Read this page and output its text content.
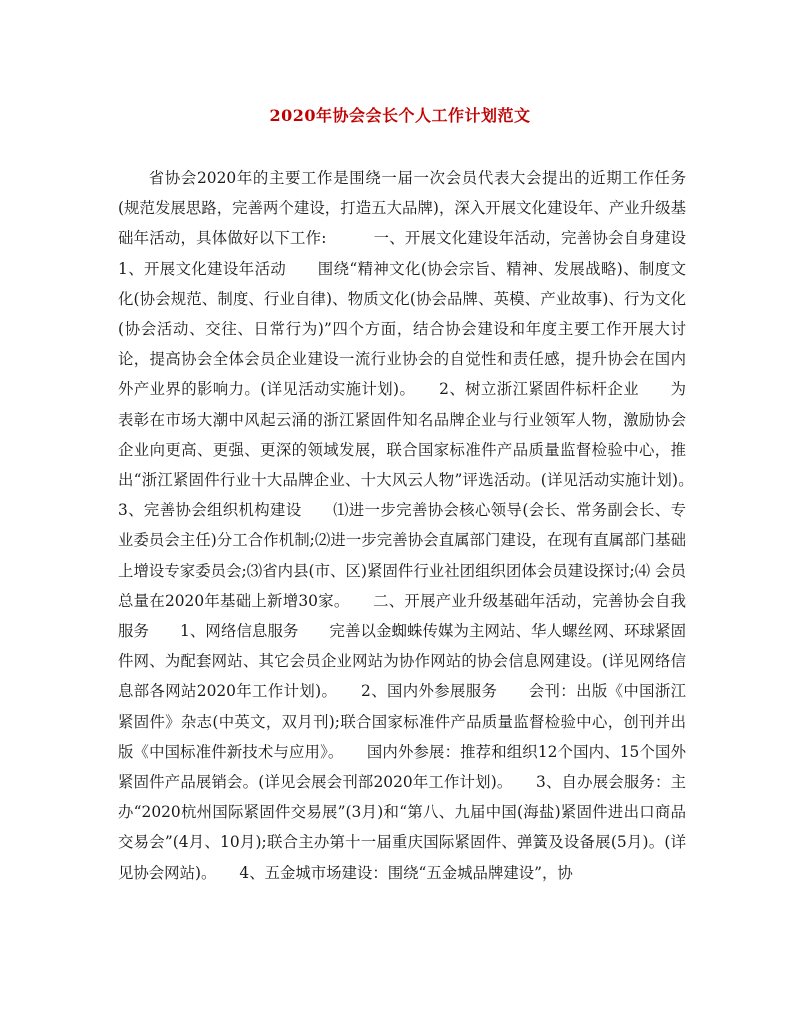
2020年协会会长个人工作计划范文

省协会2020年的主要工作是围绕一届一次会员代表大会提出的近期工作任务(规范发展思路，完善两个建设，打造五大品牌)，深入开展文化建设年、产业升级基础年活动，具体做好以下工作:　　　一、开展文化建设年活动，完善协会自身建设　　1、开展文化建设年活动　　围绕“精神文化(协会宗旨、精神、发展战略)、制度文化(协会规范、制度、行业自律)、物质文化(协会品牌、英模、产业故事)、行为文化(协会活动、交往、日常行为)”四个方面，结合协会建设和年度主要工作开展大讨论，提高协会全体会员企业建设一流行业协会的自觉性和责任感，提升协会在国内外产业界的影响力。(详见活动实施计划)。　　2、树立浙江紧固件标杆企业　　为表彰在市场大潮中风起云涌的浙江紧固件知名品牌企业与行业领军人物，激励协会企业向更高、更强、更深的领域发展，联合国家标准件产品质量监督检验中心，推出“浙江紧固件行业十大品牌企业、十大风云人物”评选活动。(详见活动实施计划)。　　3、完善协会组织机构建设　　⑴进一步完善协会核心领导(会长、常务副会长、专业委员会主任)分工合作机制;⑵进一步完善协会直属部门建设，在现有直属部门基础上增设专家委员会;⑶省内县(市、区)紧固件行业社团组织团体会员建设探讨;⑷ 会员总量在2020年基础上新增30家。　　二、开展产业升级基础年活动，完善协会自我服务　　1、网络信息服务　　完善以金蜘蛛传媒为主网站、华人螺丝网、环球紧固件网、为配套网站、其它会员企业网站为协作网站的协会信息网建设。(详见网络信息部各网站2020年工作计划)。　　2、国内外参展服务　　会刊：出版《中国浙江紧固件》杂志(中英文，双月刊);联合国家标准件产品质量监督检验中心，创刊并出版《中国标准件新技术与应用》。　　国内外参展：推荐和组织12个国内、15个国外紧固件产品展销会。(详见会展会刊部2020年工作计划)。　　3、自办展会服务：主办“2020杭州国际紧固件交易展”(3月)和“第八、九届中国(海盐)紧固件进出口商品交易会”(4月、10月);联合主办第十一届重庆国际紧固件、弹簧及设备展(5月)。(详见协会网站)。　　4、五金城市场建设：围绕“五金城品牌建设”，协
